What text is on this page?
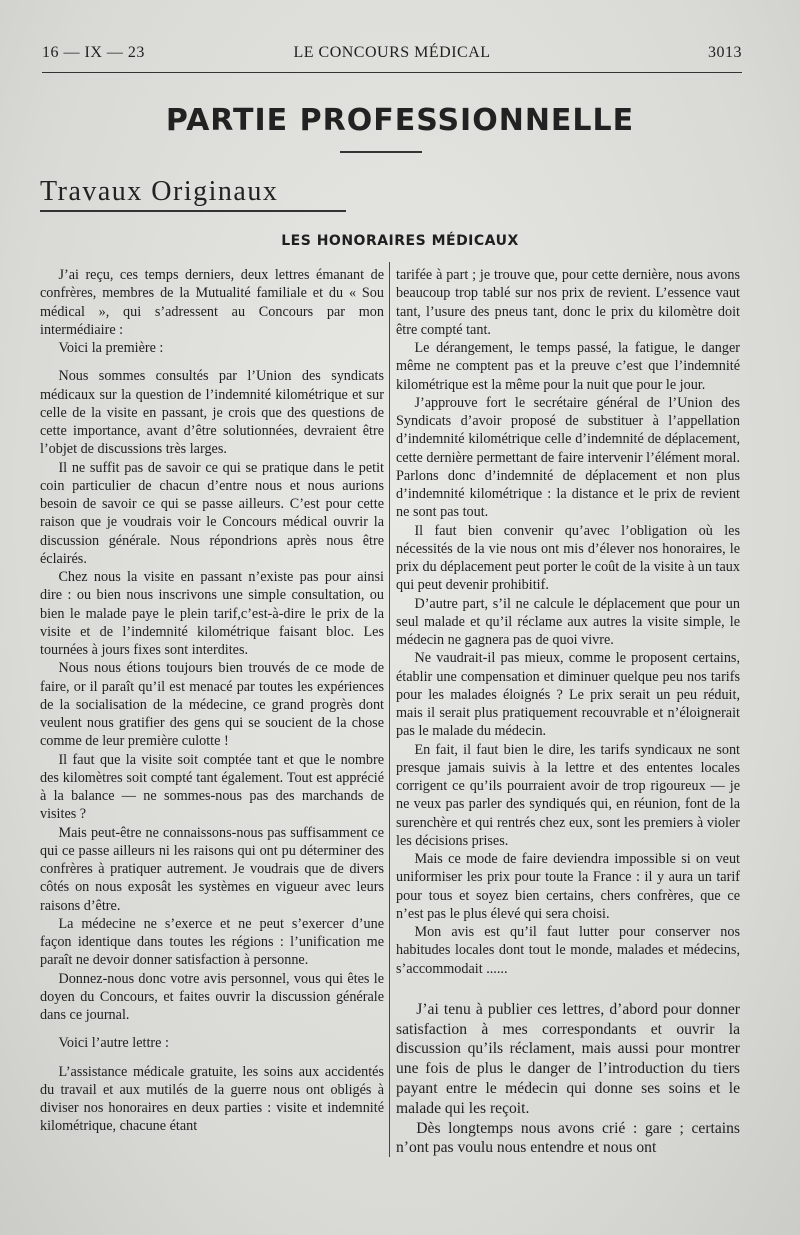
16 — IX — 23	LE CONCOURS MÉDICAL	3013
PARTIE PROFESSIONNELLE
Travaux Originaux
LES HONORAIRES MÉDICAUX

J’ai reçu, ces temps derniers, deux lettres émanant de confrères, membres de la Mutualité familiale et du « Sou médical », qui s’adressent au Concours par mon intermédiaire :

Voici la première :

Nous sommes consultés par l’Union des syndicats médicaux sur la question de l’indemnité kilométrique et sur celle de la visite en passant, je crois que des questions de cette importance, avant d’être solutionnées, devraient être l’objet de discussions très larges.

Il ne suffit pas de savoir ce qui se pratique dans le petit coin particulier de chacun d’entre nous et nous aurions besoin de savoir ce qui se passe ailleurs. C’est pour cette raison que je voudrais voir le Concours médical ouvrir la discussion générale. Nous répondrions après nous être éclairés.

Chez nous la visite en passant n’existe pas pour ainsi dire : ou bien nous inscrivons une simple consultation, ou bien le malade paye le plein tarif,c’est-à-dire le prix de la visite et de l’indemnité kilométrique faisant bloc. Les tournées à jours fixes sont interdites.

Nous nous étions toujours bien trouvés de ce mode de faire, or il paraît qu’il est menacé par toutes les expériences de la socialisation de la médecine, ce grand progrès dont veulent nous gratifier des gens qui se soucient de la chose comme de leur première culotte !

Il faut que la visite soit comptée tant et que le nombre des kilomètres soit compté tant également. Tout est apprécié à la balance — ne sommes-nous pas des marchands de visites ?

Mais peut-être ne connaissons-nous pas suffisamment ce qui ce passe ailleurs ni les raisons qui ont pu déterminer des confrères à pratiquer autrement. Je voudrais que de divers côtés on nous exposât les systèmes en vigueur avec leurs raisons d’être.

La médecine ne s’exerce et ne peut s’exercer d’une façon identique dans toutes les régions : l’unification me paraît ne devoir donner satisfaction à personne.

Donnez-nous donc votre avis personnel, vous qui êtes le doyen du Concours, et faites ouvrir la discussion générale dans ce journal.

Voici l’autre lettre :

L’assistance médicale gratuite, les soins aux accidentés du travail et aux mutilés de la guerre nous ont obligés à diviser nos honoraires en deux parties : visite et indemnité kilométrique, chacune étant

tarifée à part ; je trouve que, pour cette dernière, nous avons beaucoup trop tablé sur nos prix de revient. L’essence vaut tant, l’usure des pneus tant, donc le prix du kilomètre doit être compté tant.

Le dérangement, le temps passé, la fatigue, le danger même ne comptent pas et la preuve c’est que l’indemnité kilométrique est la même pour la nuit que pour le jour.

J’approuve fort le secrétaire général de l’Union des Syndicats d’avoir proposé de substituer à l’appellation d’indemnité kilométrique celle d’indemnité de déplacement, cette dernière permettant de faire intervenir l’élément moral. Parlons donc d’indemnité de déplacement et non plus d’indemnité kilométrique : la distance et le prix de revient ne sont pas tout.

Il faut bien convenir qu’avec l’obligation où les nécessités de la vie nous ont mis d’élever nos honoraires, le prix du déplacement peut porter le coût de la visite à un taux qui peut devenir prohibitif.

D’autre part, s’il ne calcule le déplacement que pour un seul malade et qu’il réclame aux autres la visite simple, le médecin ne gagnera pas de quoi vivre.

Ne vaudrait-il pas mieux, comme le proposent certains, établir une compensation et diminuer quelque peu nos tarifs pour les malades éloignés ? Le prix serait un peu réduit, mais il serait plus pratiquement recouvrable et n’éloignerait pas le malade du médecin.

En fait, il faut bien le dire, les tarifs syndicaux ne sont presque jamais suivis à la lettre et des ententes locales corrigent ce qu’ils pourraient avoir de trop rigoureux — je ne veux pas parler des syndiqués qui, en réunion, font de la surenchère et qui rentrés chez eux, sont les premiers à violer les décisions prises.

Mais ce mode de faire deviendra impossible si on veut uniformiser les prix pour toute la France : il y aura un tarif pour tous et soyez bien certains, chers confrères, que ce n’est pas le plus élevé qui sera choisi.

Mon avis est qu’il faut lutter pour conserver nos habitudes locales dont tout le monde, malades et médecins, s’accommodait ......

J’ai tenu à publier ces lettres, d’abord pour donner satisfaction à mes correspondants et ouvrir la discussion qu’ils réclament, mais aussi pour montrer une fois de plus le danger de l’introduction du tiers payant entre le médecin qui donne ses soins et le malade qui les reçoit.

Dès longtemps nous avons crié : gare ; certains n’ont pas voulu nous entendre et nous ont
